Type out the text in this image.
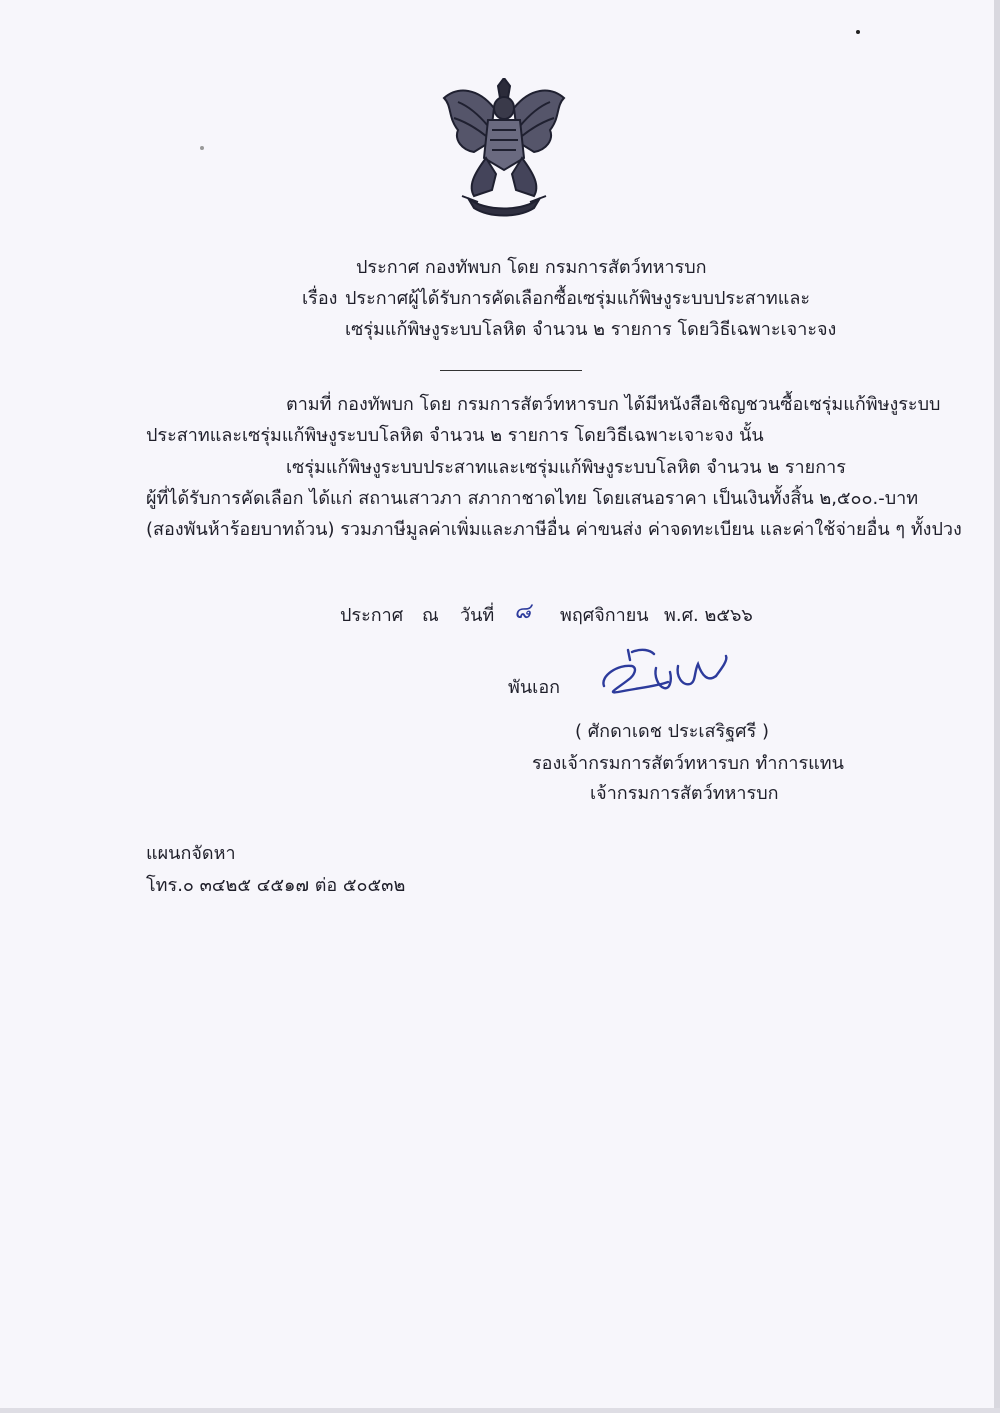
ประกาศ กองทัพบก โดย กรมการสัตว์ทหารบก
เรื่อง ประกาศผู้ได้รับการคัดเลือกซื้อเซรุ่มแก้พิษงูระบบประสาทและ
เซรุ่มแก้พิษงูระบบโลหิต จำนวน ๒ รายการ โดยวิธีเฉพาะเจาะจง
ตามที่ กองทัพบก โดย กรมการสัตว์ทหารบก ได้มีหนังสือเชิญชวนซื้อเซรุ่มแก้พิษงูระบบ
ประสาทและเซรุ่มแก้พิษงูระบบโลหิต จำนวน ๒ รายการ โดยวิธีเฉพาะเจาะจง นั้น
เซรุ่มแก้พิษงูระบบประสาทและเซรุ่มแก้พิษงูระบบโลหิต จำนวน ๒ รายการ
ผู้ที่ได้รับการคัดเลือก ได้แก่ สถานเสาวภา สภากาชาดไทย โดยเสนอราคา เป็นเงินทั้งสิ้น ๒,๕๐๐.-บาท
(สองพันห้าร้อยบาทถ้วน) รวมภาษีมูลค่าเพิ่มและภาษีอื่น ค่าขนส่ง ค่าจดทะเบียน และค่าใช้จ่ายอื่น ๆ ทั้งปวง
ประกาศ ณ วันที่ ๘ พฤศจิกายน พ.ศ. ๒๕๖๖
พันเอก
( ศักดาเดช ประเสริฐศรี )
รองเจ้ากรมการสัตว์ทหารบก ทำการแทน
เจ้ากรมการสัตว์ทหารบก
แผนกจัดหา
โทร.๐ ๓๔๒๕ ๔๕๑๗ ต่อ ๕๐๕๓๒
